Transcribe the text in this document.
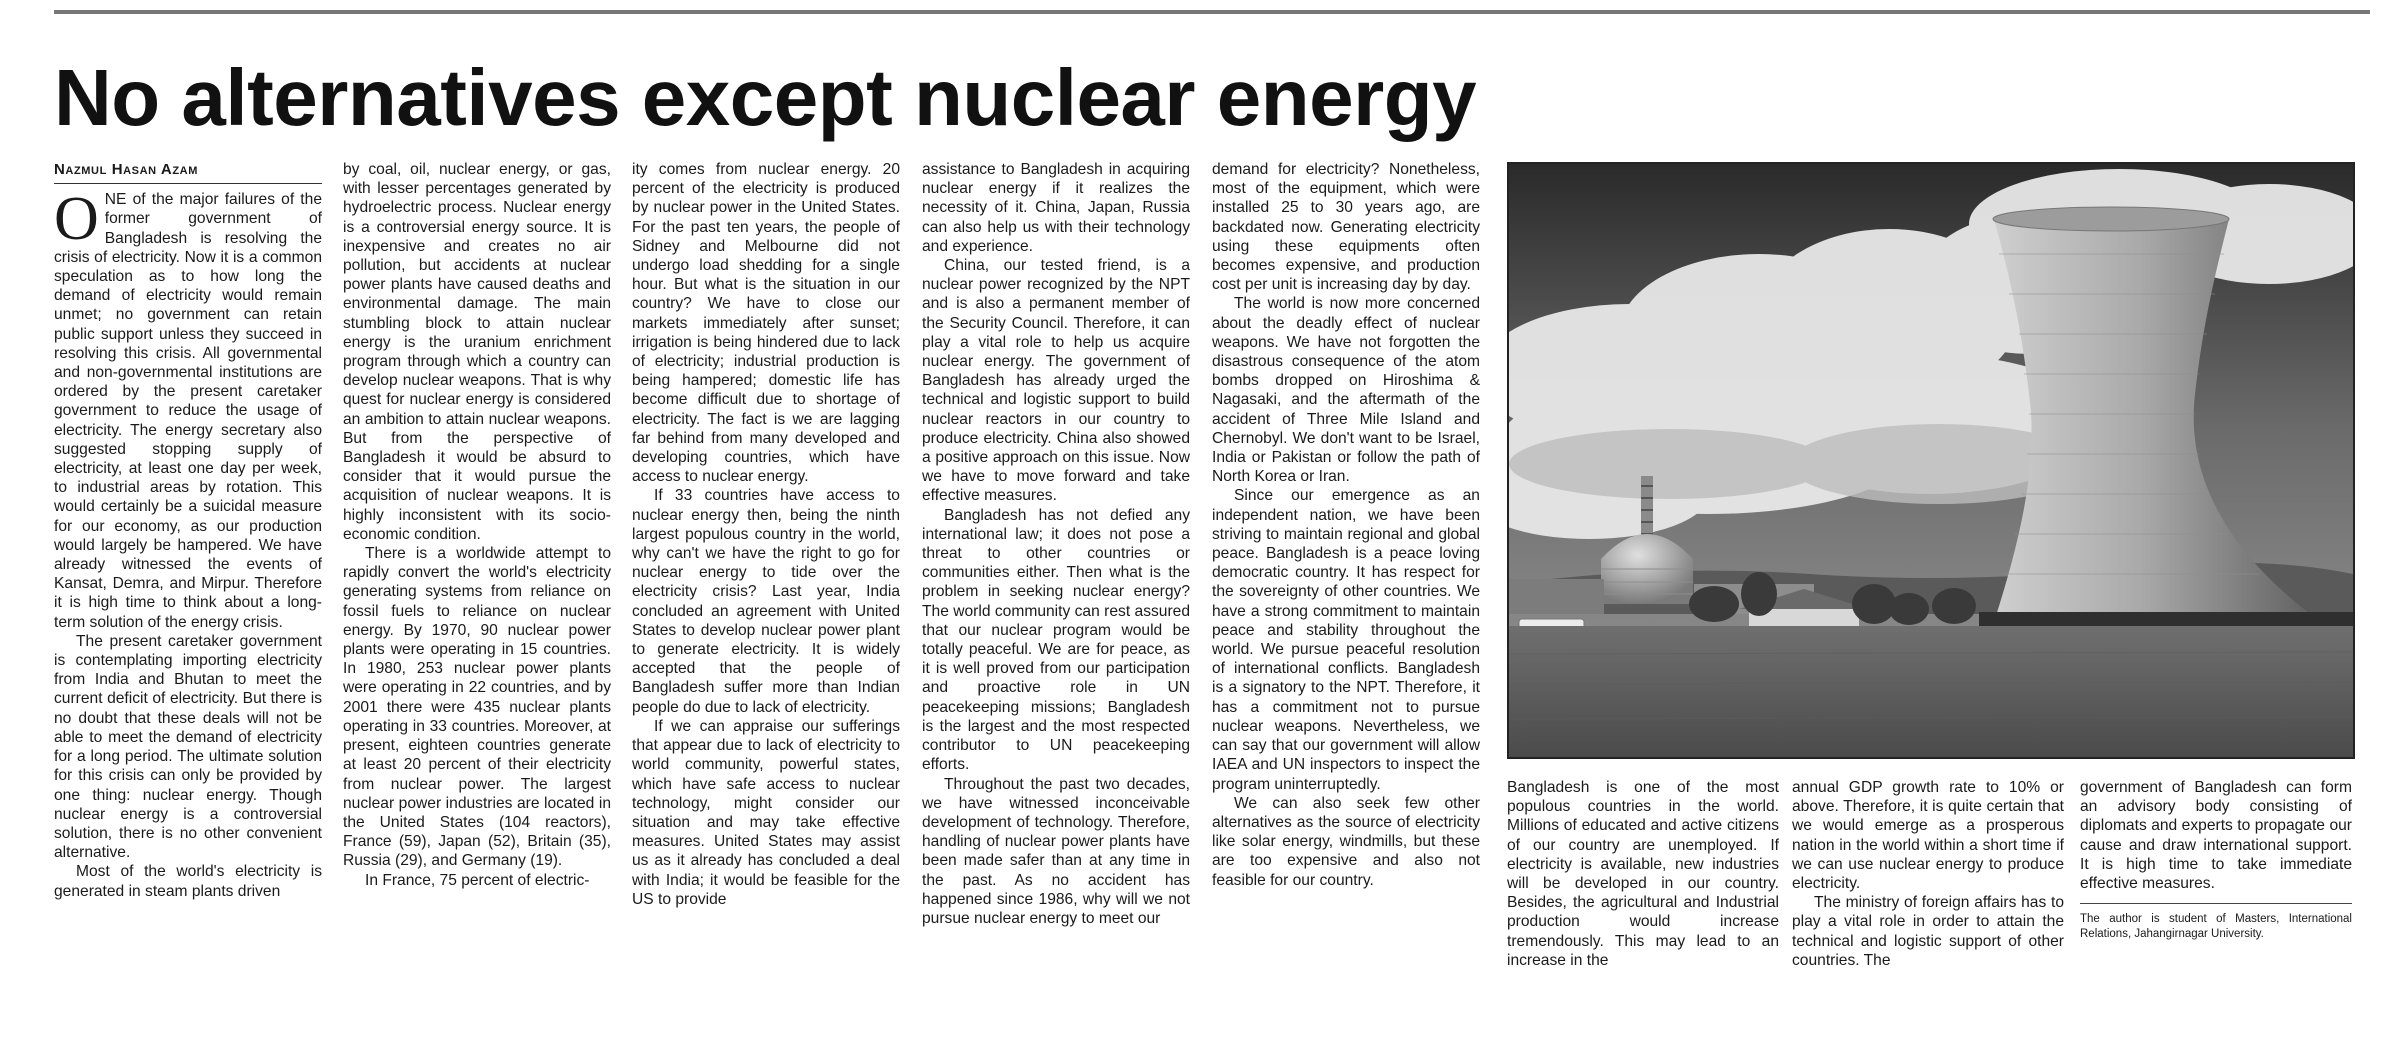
No alternatives except nuclear energy
Nazmul Hasan Azam

ONE of the major failures of the former government of Bangladesh is resolving the crisis of electricity. Now it is a common speculation as to how long the demand of electricity would remain unmet; no government can retain public support unless they succeed in resolving this crisis. All governmental and non-governmental institutions are ordered by the present caretaker government to reduce the usage of electricity. The energy secretary also suggested stopping supply of electricity, at least one day per week, to industrial areas by rotation. This would certainly be a suicidal measure for our economy, as our production would largely be hampered. We have already witnessed the events of Kansat, Demra, and Mirpur. Therefore it is high time to think about a long-term solution of the energy crisis.

The present caretaker government is contemplating importing electricity from India and Bhutan to meet the current deficit of electricity. But there is no doubt that these deals will not be able to meet the demand of electricity for a long period. The ultimate solution for this crisis can only be provided by one thing: nuclear energy. Though nuclear energy is a controversial solution, there is no other convenient alternative.

Most of the world's electricity is generated in steam plants driven

by coal, oil, nuclear energy, or gas, with lesser percentages generated by hydroelectric process. Nuclear energy is a controversial energy source. It is inexpensive and creates no air pollution, but accidents at nuclear power plants have caused deaths and environmental damage. The main stumbling block to attain nuclear energy is the uranium enrichment program through which a country can develop nuclear weapons. That is why quest for nuclear energy is considered an ambition to attain nuclear weapons. But from the perspective of Bangladesh it would be absurd to consider that it would pursue the acquisition of nuclear weapons. It is highly inconsistent with its socio-economic condition.

There is a worldwide attempt to rapidly convert the world's electricity generating systems from reliance on fossil fuels to reliance on nuclear energy. By 1970, 90 nuclear power plants were operating in 15 countries. In 1980, 253 nuclear power plants were operating in 22 countries, and by 2001 there were 435 nuclear plants operating in 33 countries. Moreover, at present, eighteen countries generate at least 20 percent of their electricity from nuclear power. The largest nuclear power industries are located in the United States (104 reactors), France (59), Japan (52), Britain (35), Russia (29), and Germany (19).

In France, 75 percent of electric-

ity comes from nuclear energy. 20 percent of the electricity is produced by nuclear power in the United States. For the past ten years, the people of Sidney and Melbourne did not undergo load shedding for a single hour. But what is the situation in our country? We have to close our markets immediately after sunset; irrigation is being hindered due to lack of electricity; industrial production is being hampered; domestic life has become difficult due to shortage of electricity. The fact is we are lagging far behind from many developed and developing countries, which have access to nuclear energy.

If 33 countries have access to nuclear energy then, being the ninth largest populous country in the world, why can't we have the right to go for nuclear energy to tide over the electricity crisis? Last year, India concluded an agreement with United States to develop nuclear power plant to generate electricity. It is widely accepted that the people of Bangladesh suffer more than Indian people do due to lack of electricity.

If we can appraise our sufferings that appear due to lack of electricity to world community, powerful states, which have safe access to nuclear technology, might consider our situation and may take effective measures. United States may assist us as it already has concluded a deal with India; it would be feasible for the US to provide

assistance to Bangladesh in acquiring nuclear energy if it realizes the necessity of it. China, Japan, Russia can also help us with their technology and experience.

China, our tested friend, is a nuclear power recognized by the NPT and is also a permanent member of the Security Council. Therefore, it can play a vital role to help us acquire nuclear energy. The government of Bangladesh has already urged the technical and logistic support to build nuclear reactors in our country to produce electricity. China also showed a positive approach on this issue. Now we have to move forward and take effective measures.

Bangladesh has not defied any international law; it does not pose a threat to other countries or communities either. Then what is the problem in seeking nuclear energy? The world community can rest assured that our nuclear program would be totally peaceful. We are for peace, as it is well proved from our participation and proactive role in UN peacekeeping missions; Bangladesh is the largest and the most respected contributor to UN peacekeeping efforts.

Throughout the past two decades, we have witnessed inconceivable development of technology. Therefore, handling of nuclear power plants have been made safer than at any time in the past. As no accident has happened since 1986, why will we not pursue nuclear energy to meet our

demand for electricity? Nonetheless, most of the equipment, which were installed 25 to 30 years ago, are backdated now. Generating electricity using these equipments often becomes expensive, and production cost per unit is increasing day by day.

The world is now more concerned about the deadly effect of nuclear weapons. We have not forgotten the disastrous consequence of the atom bombs dropped on Hiroshima & Nagasaki, and the aftermath of the accident of Three Mile Island and Chernobyl. We don't want to be Israel, India or Pakistan or follow the path of North Korea or Iran.

Since our emergence as an independent nation, we have been striving to maintain regional and global peace. Bangladesh is a peace loving democratic country. It has respect for the sovereignty of other countries. We have a strong commitment to maintain peace and stability throughout the world. We pursue peaceful resolution of international conflicts. Bangladesh is a signatory to the NPT. Therefore, it has a commitment not to pursue nuclear weapons. Nevertheless, we can say that our government will allow IAEA and UN inspectors to inspect the program uninterruptedly.

We can also seek few other alternatives as the source of electricity like solar energy, windmills, but these are too expensive and also not feasible for our country.

Bangladesh is one of the most populous countries in the world. Millions of educated and active citizens of our country are unemployed. If electricity is available, new industries will be developed in our country. Besides, the agricultural and Industrial production would increase tremendously. This may lead to an increase in the

annual GDP growth rate to 10% or above. Therefore, it is quite certain that we would emerge as a prosperous nation in the world within a short time if we can use nuclear energy to produce electricity.

The ministry of foreign affairs has to play a vital role in order to attain the technical and logistic support of other countries. The

government of Bangladesh can form an advisory body consisting of diplomats and experts to propagate our cause and draw international support. It is high time to take immediate effective measures.

The author is student of Masters, International Relations, Jahangirnagar University.
